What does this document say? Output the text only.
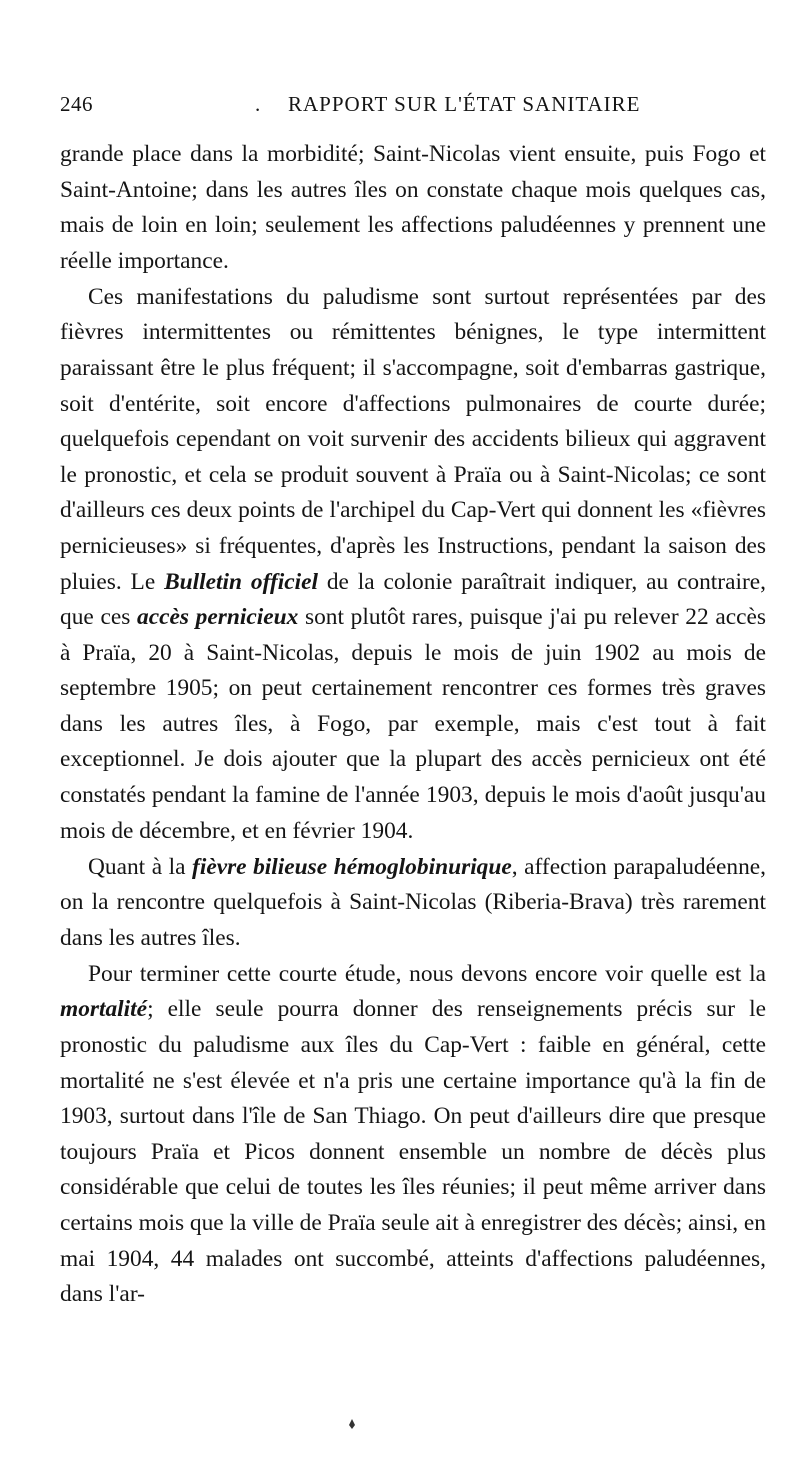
246	. RAPPORT SUR L'ÉTAT SANITAIRE

grande place dans la morbidité; Saint-Nicolas vient ensuite, puis Fogo et Saint-Antoine; dans les autres îles on constate chaque mois quelques cas, mais de loin en loin; seulement les affections paludéennes y prennent une réelle importance.

Ces manifestations du paludisme sont surtout représentées par des fièvres intermittentes ou rémittentes bénignes, le type intermittent paraissant être le plus fréquent; il s'accompagne, soit d'embarras gastrique, soit d'entérite, soit encore d'affections pulmonaires de courte durée; quelquefois cependant on voit survenir des accidents bilieux qui aggravent le pronostic, et cela se produit souvent à Praïa ou à Saint-Nicolas; ce sont d'ailleurs ces deux points de l'archipel du Cap-Vert qui donnent les «fièvres pernicieuses» si fréquentes, d'après les Instructions, pendant la saison des pluies. Le Bulletin officiel de la colonie paraîtrait indiquer, au contraire, que ces accès pernicieux sont plutôt rares, puisque j'ai pu relever 22 accès à Praïa, 20 à Saint-Nicolas, depuis le mois de juin 1902 au mois de septembre 1905; on peut certainement rencontrer ces formes très graves dans les autres îles, à Fogo, par exemple, mais c'est tout à fait exceptionnel. Je dois ajouter que la plupart des accès pernicieux ont été constatés pendant la famine de l'année 1903, depuis le mois d'août jusqu'au mois de décembre, et en février 1904.

Quant à la fièvre bilieuse hémoglobinurique, affection parapaludéenne, on la rencontre quelquefois à Saint-Nicolas (Riberia-Brava) très rarement dans les autres îles.

Pour terminer cette courte étude, nous devons encore voir quelle est la mortalité; elle seule pourra donner des renseignements précis sur le pronostic du paludisme aux îles du Cap-Vert : faible en général, cette mortalité ne s'est élevée et n'a pris une certaine importance qu'à la fin de 1903, surtout dans l'île de San Thiago. On peut d'ailleurs dire que presque toujours Praïa et Picos donnent ensemble un nombre de décès plus considérable que celui de toutes les îles réunies; il peut même arriver dans certains mois que la ville de Praïa seule ait à enregistrer des décès; ainsi, en mai 1904, 44 malades ont succombé, atteints d'affections paludéennes, dans l'ar-
